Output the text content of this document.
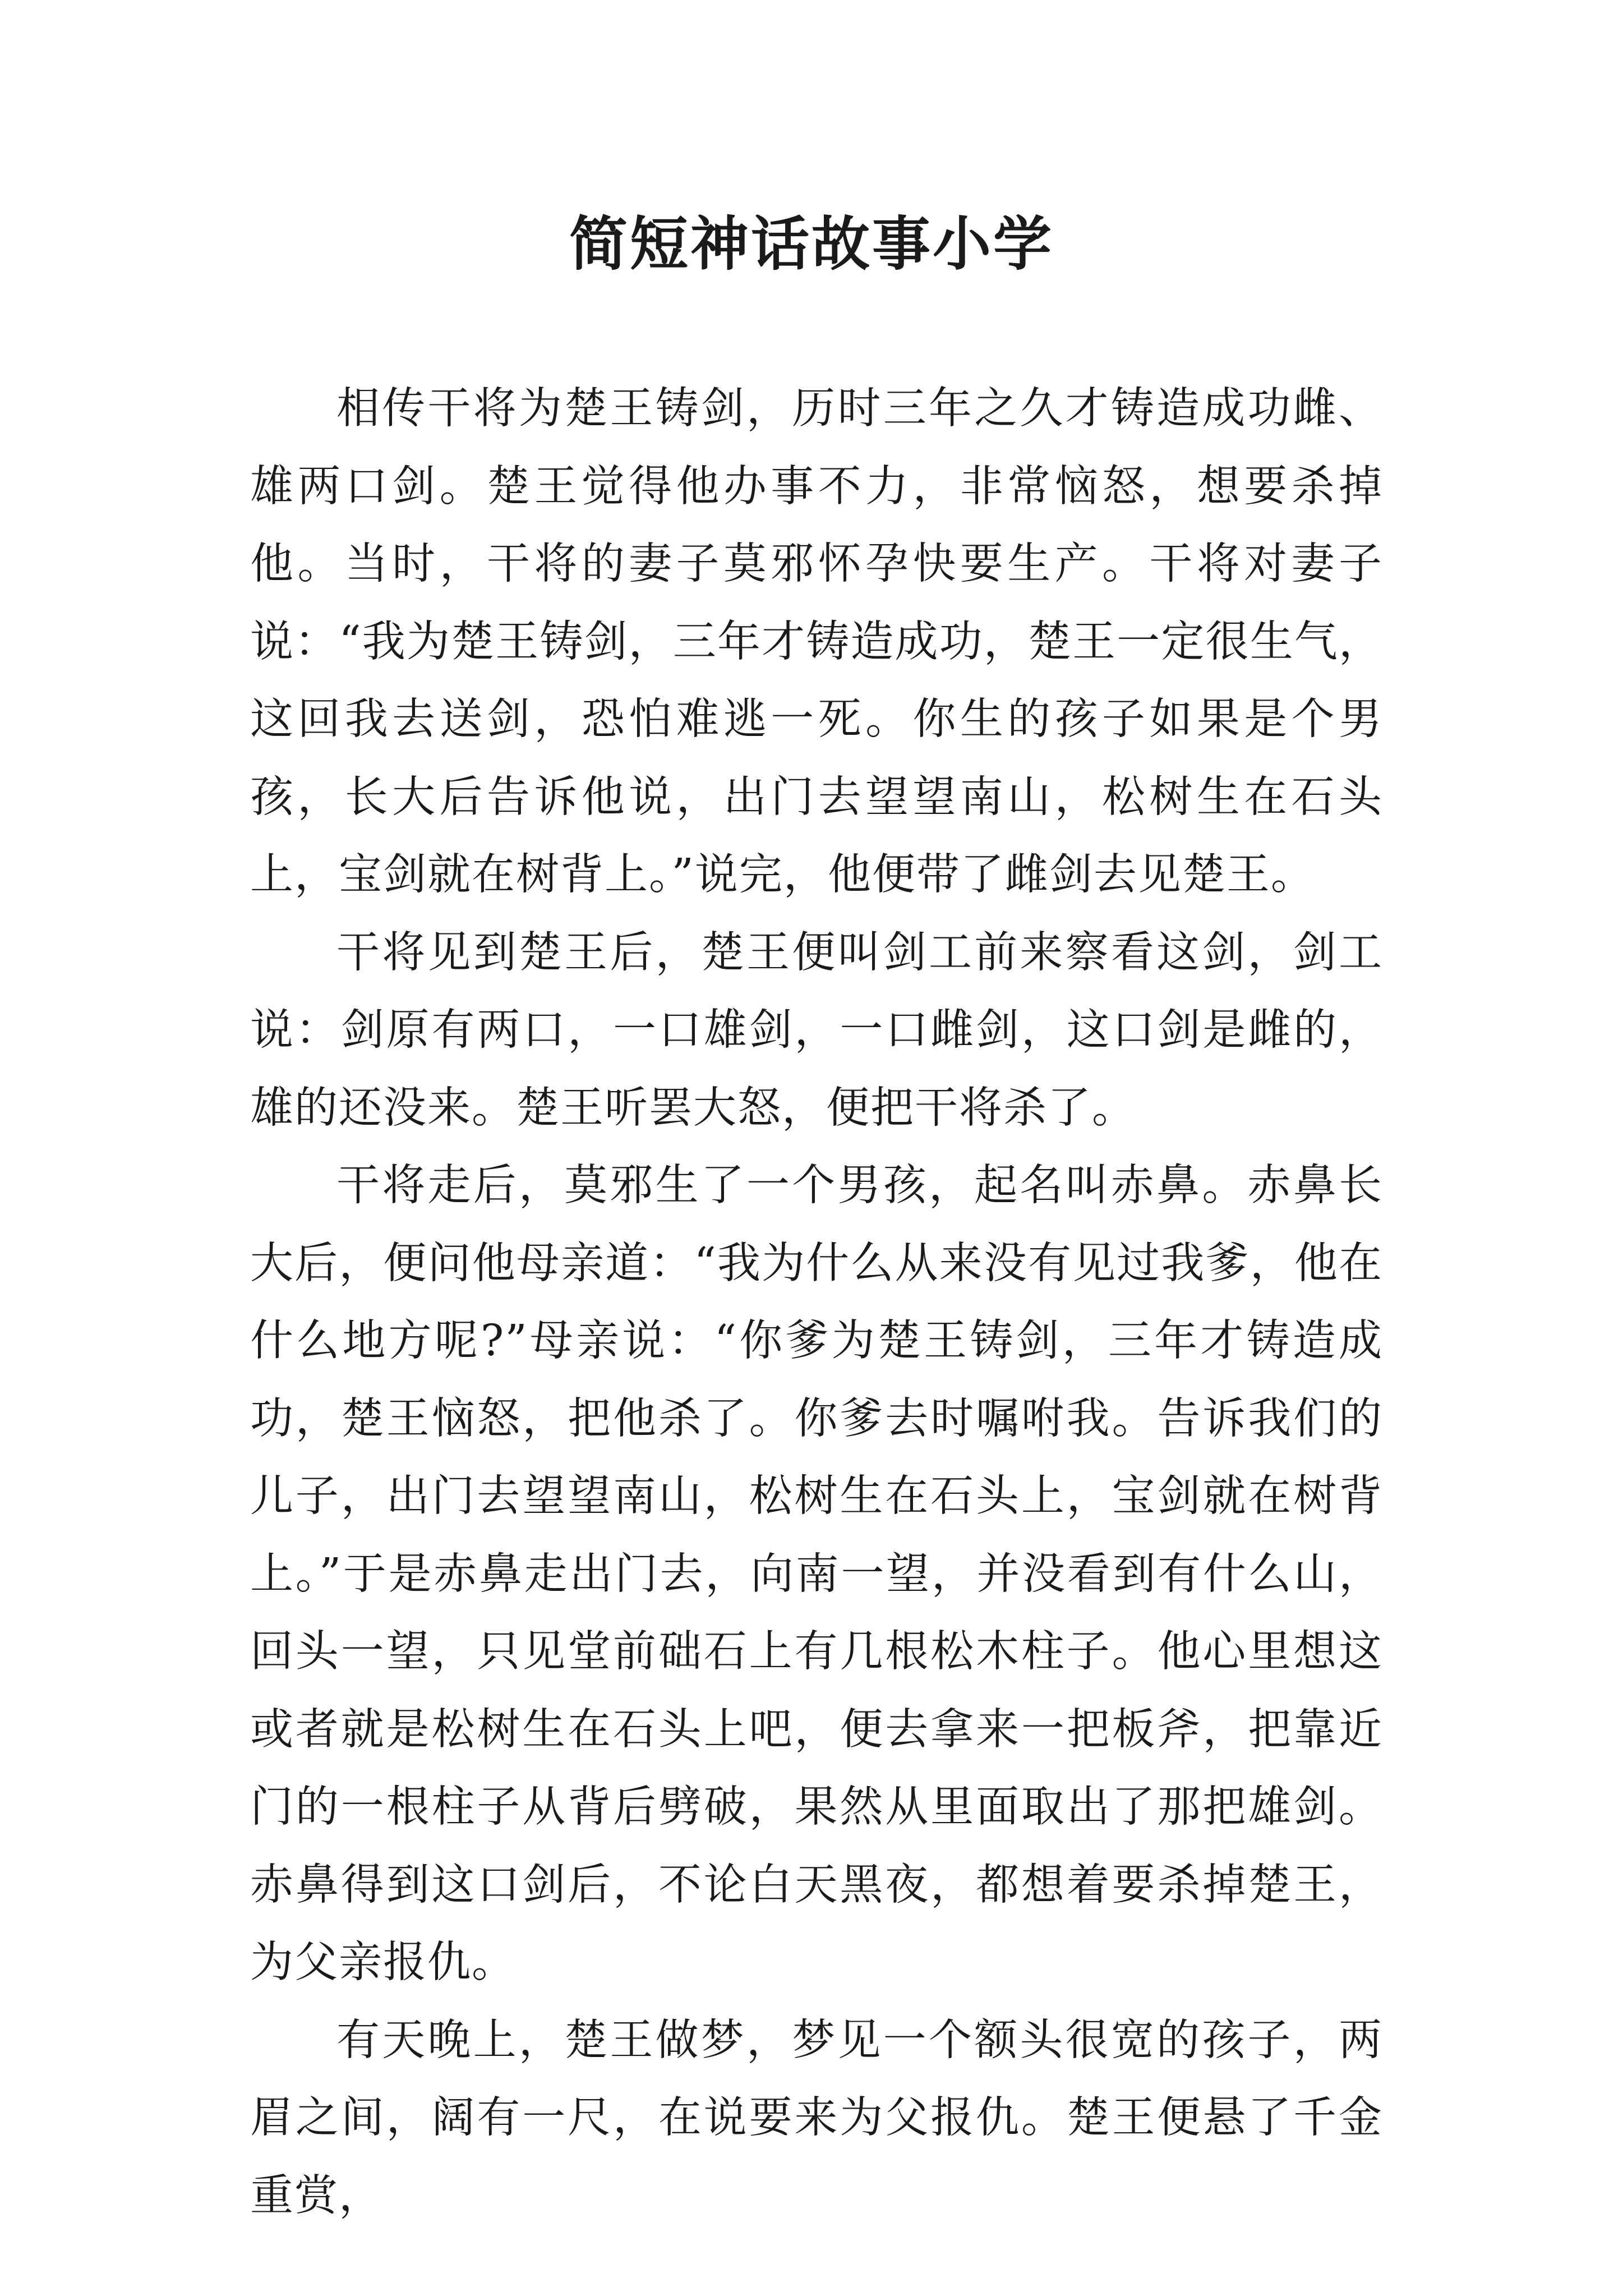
简短神话故事小学

相传干将为楚王铸剑，历时三年之久才铸造成功雌、雄两口剑。楚王觉得他办事不力，非常恼怒，想要杀掉他。当时，干将的妻子莫邪怀孕快要生产。干将对妻子说：“我为楚王铸剑，三年才铸造成功，楚王一定很生气，这回我去送剑，恐怕难逃一死。你生的孩子如果是个男孩，长大后告诉他说，出门去望望南山，松树生在石头上，宝剑就在树背上。”说完，他便带了雌剑去见楚王。

干将见到楚王后，楚王便叫剑工前来察看这剑，剑工说：剑原有两口，一口雄剑，一口雌剑，这口剑是雌的，雄的还没来。楚王听罢大怒，便把干将杀了。

干将走后，莫邪生了一个男孩，起名叫赤鼻。赤鼻长大后，便问他母亲道：“我为什么从来没有见过我爹，他在什么地方呢?”母亲说：“你爹为楚王铸剑，三年才铸造成功，楚王恼怒，把他杀了。你爹去时嘱咐我。告诉我们的儿子，出门去望望南山，松树生在石头上，宝剑就在树背上。”于是赤鼻走出门去，向南一望，并没看到有什么山，回头一望，只见堂前础石上有几根松木柱子。他心里想这或者就是松树生在石头上吧，便去拿来一把板斧，把靠近门的一根柱子从背后劈破，果然从里面取出了那把雄剑。赤鼻得到这口剑后，不论白天黑夜，都想着要杀掉楚王，为父亲报仇。

有天晚上，楚王做梦，梦见一个额头很宽的孩子，两眉之间，阔有一尺，在说要来为父报仇。楚王便悬了千金重赏，
